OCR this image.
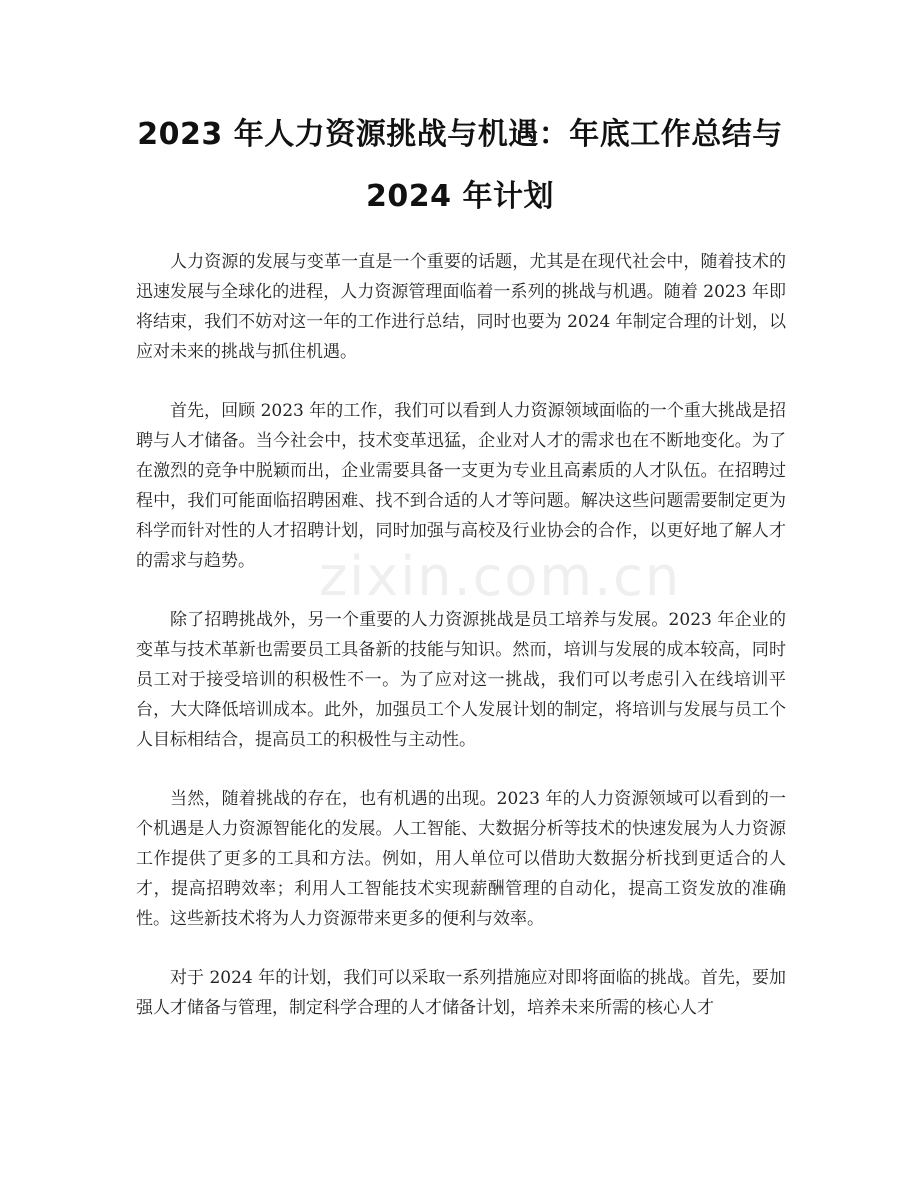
2023 年人力资源挑战与机遇：年底工作总结与 2024 年计划

人力资源的发展与变革一直是一个重要的话题，尤其是在现代社会中，随着技术的迅速发展与全球化的进程，人力资源管理面临着一系列的挑战与机遇。随着 2023 年即将结束，我们不妨对这一年的工作进行总结，同时也要为 2024 年制定合理的计划，以应对未来的挑战与抓住机遇。

首先，回顾 2023 年的工作，我们可以看到人力资源领域面临的一个重大挑战是招聘与人才储备。当今社会中，技术变革迅猛，企业对人才的需求也在不断地变化。为了在激烈的竞争中脱颖而出，企业需要具备一支更为专业且高素质的人才队伍。在招聘过程中，我们可能面临招聘困难、找不到合适的人才等问题。解决这些问题需要制定更为科学而针对性的人才招聘计划，同时加强与高校及行业协会的合作，以更好地了解人才的需求与趋势。

除了招聘挑战外，另一个重要的人力资源挑战是员工培养与发展。2023 年企业的变革与技术革新也需要员工具备新的技能与知识。然而，培训与发展的成本较高，同时员工对于接受培训的积极性不一。为了应对这一挑战，我们可以考虑引入在线培训平台，大大降低培训成本。此外，加强员工个人发展计划的制定，将培训与发展与员工个人目标相结合，提高员工的积极性与主动性。

当然，随着挑战的存在，也有机遇的出现。2023 年的人力资源领域可以看到的一个机遇是人力资源智能化的发展。人工智能、大数据分析等技术的快速发展为人力资源工作提供了更多的工具和方法。例如，用人单位可以借助大数据分析找到更适合的人才，提高招聘效率；利用人工智能技术实现薪酬管理的自动化，提高工资发放的准确性。这些新技术将为人力资源带来更多的便利与效率。

对于 2024 年的计划，我们可以采取一系列措施应对即将面临的挑战。首先，要加强人才储备与管理，制定科学合理的人才储备计划，培养未来所需的核心人才

zixin.com.cn
